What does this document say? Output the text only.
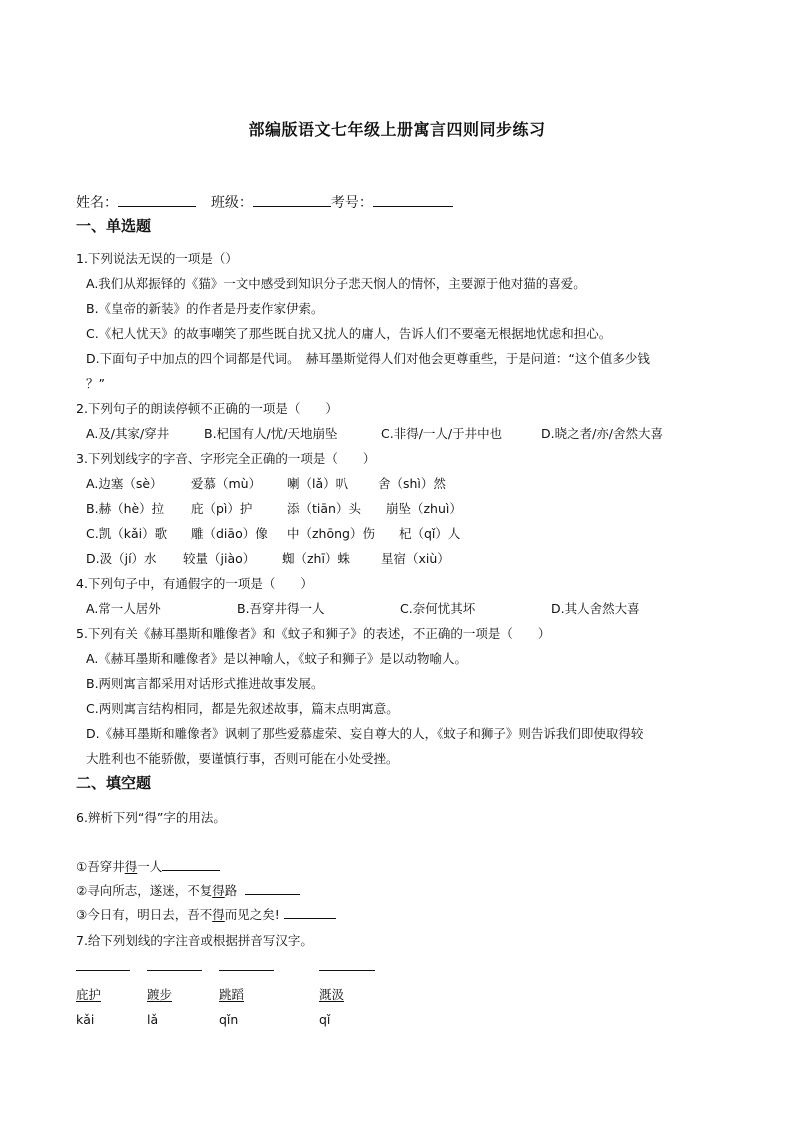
部编版语文七年级上册寓言四则同步练习
姓名：	班级：	考号：
一、单选题
1.下列说法无误的一项是（）
A.我们从郑振铎的《猫》一文中感受到知识分子悲天悯人的情怀，主要源于他对猫的喜爱。
B.《皇帝的新装》的作者是丹麦作家伊索。
C.《杞人忧天》的故事嘲笑了那些既自扰又扰人的庸人，告诉人们不要毫无根据地忧虑和担心。
D.下面句子中加点的四个词都是代词。　赫耳墨斯觉得人们对他会更尊重些，于是问道：“这个值多少钱
？”
2.下列句子的朗读停顿不正确的一项是（　　）
A.及/其家/穿井	B.杞国有人/忧/天地崩坠	C.非得/一人/于井中也	D.晓之者/亦/舍然大喜
3.下列划线字的字音、字形完全正确的一项是（　　）
A.边塞（sè） 爱慕（mù） 喇（lǎ）叭 舍（shì）然
B.赫（hè）拉 庇（pì）护	添（tiān）头 崩坠（zhuì）
C.凯（kǎi）歌 雕（diāo）像 中（zhōng）伤 杞（qǐ）人
D.汲（jí）水 较量（jiào） 蜘（zhī）蛛 星宿（xiù）
4.下列句子中，有通假字的一项是（　　）
A.常一人居外	B.吾穿井得一人	C.奈何忧其坏	D.其人舍然大喜
5.下列有关《赫耳墨斯和雕像者》和《蚊子和狮子》的表述，不正确的一项是（　　）
A.《赫耳墨斯和雕像者》是以神喻人，《蚊子和狮子》是以动物喻人。
B.两则寓言都采用对话形式推进故事发展。
C.两则寓言结构相同，都是先叙述故事，篇末点明寓意。
D.《赫耳墨斯和雕像者》讽刺了那些爱慕虚荣、妄自尊大的人，《蚊子和狮子》则告诉我们即使取得较
大胜利也不能骄傲，要谨慎行事，否则可能在小处受挫。
二、填空题
6.辨析下列“得”字的用法。
①吾穿井得一人
②寻向所志，遂迷，不复得路
③今日有，明日去，吾不得而见之矣!
7.给下列划线的字注音或根据拼音写汉字。
庇护	踱步	跳蹈	溉汲
kǎi	lǎ	qǐn	qǐ
